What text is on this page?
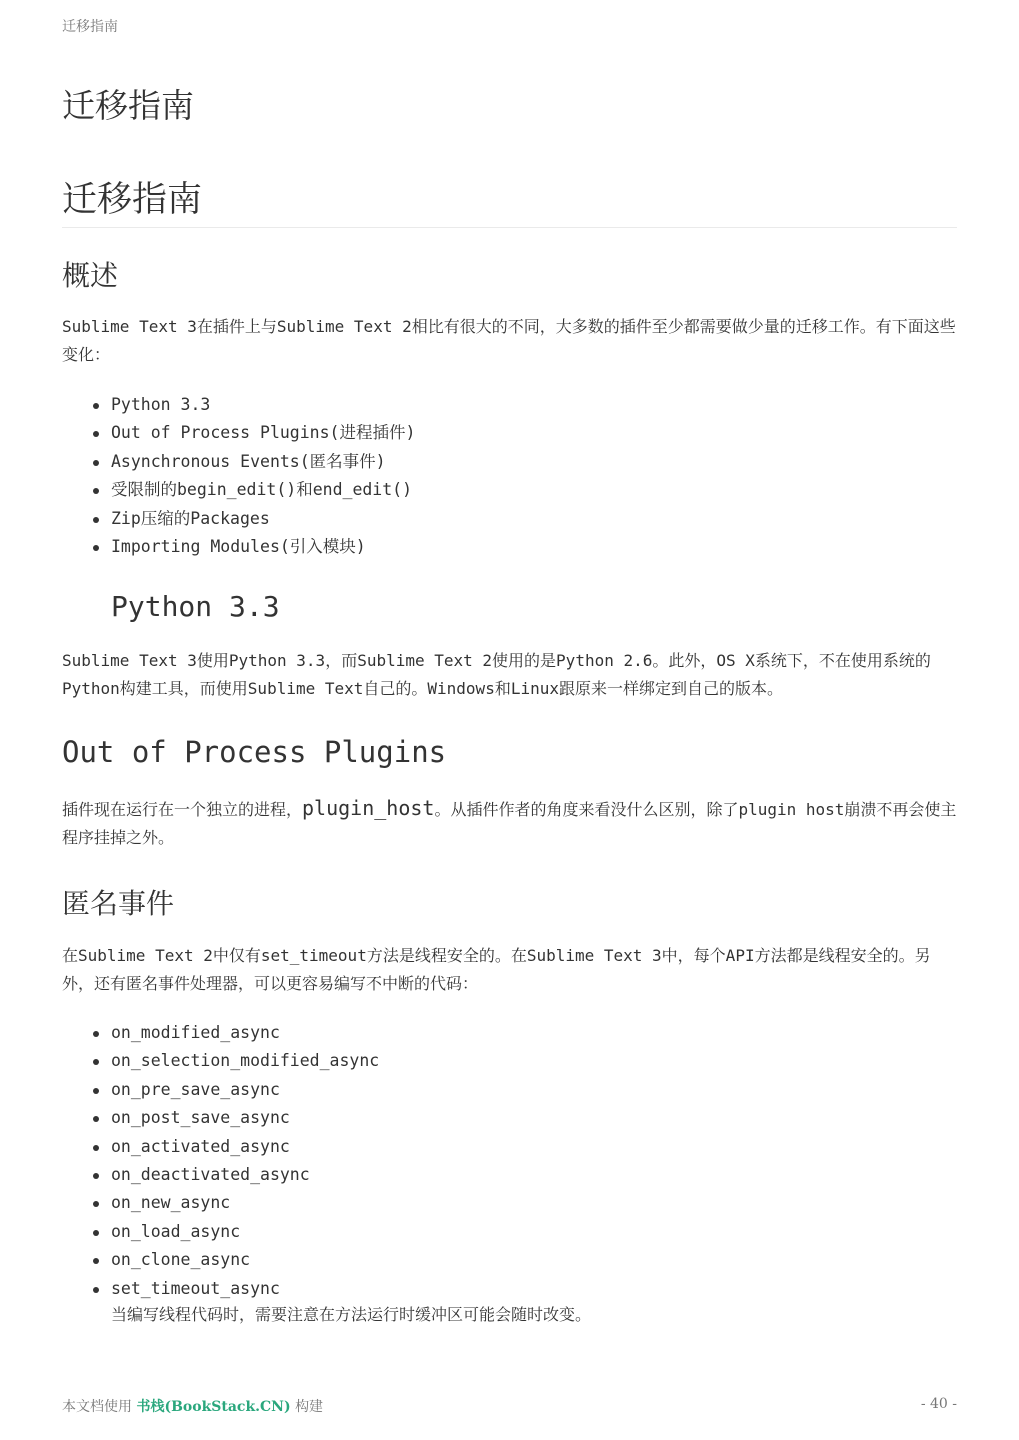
迁移指南
迁移指南
迁移指南
概述

Sublime Text 3在插件上与Sublime Text 2相比有很大的不同，大多数的插件至少都需要做少量的迁移工作。有下面这些变化：

Python 3.3
Out of Process Plugins(进程插件)
Asynchronous Events(匿名事件)
受限制的begin_edit()和end_edit()
Zip压缩的Packages
Importing Modules(引入模块)
Python 3.3

Sublime Text 3使用Python 3.3，而Sublime Text 2使用的是Python 2.6。此外，OS X系统下，不在使用系统的Python构建工具，而使用Sublime Text自己的。Windows和Linux跟原来一样绑定到自己的版本。

Out of Process Plugins

插件现在运行在一个独立的进程，plugin_host。从插件作者的角度来看没什么区别，除了plugin host崩溃不再会使主程序挂掉之外。

匿名事件

在Sublime Text 2中仅有set_timeout方法是线程安全的。在Sublime Text 3中，每个API方法都是线程安全的。另外，还有匿名事件处理器，可以更容易编写不中断的代码：

on_modified_async
on_selection_modified_async
on_pre_save_async
on_post_save_async
on_activated_async
on_deactivated_async
on_new_async
on_load_async
on_clone_async
set_timeout_async
当编写线程代码时，需要注意在方法运行时缓冲区可能会随时改变。
本文档使用 书栈(BookStack.CN) 构建	- 40 -
